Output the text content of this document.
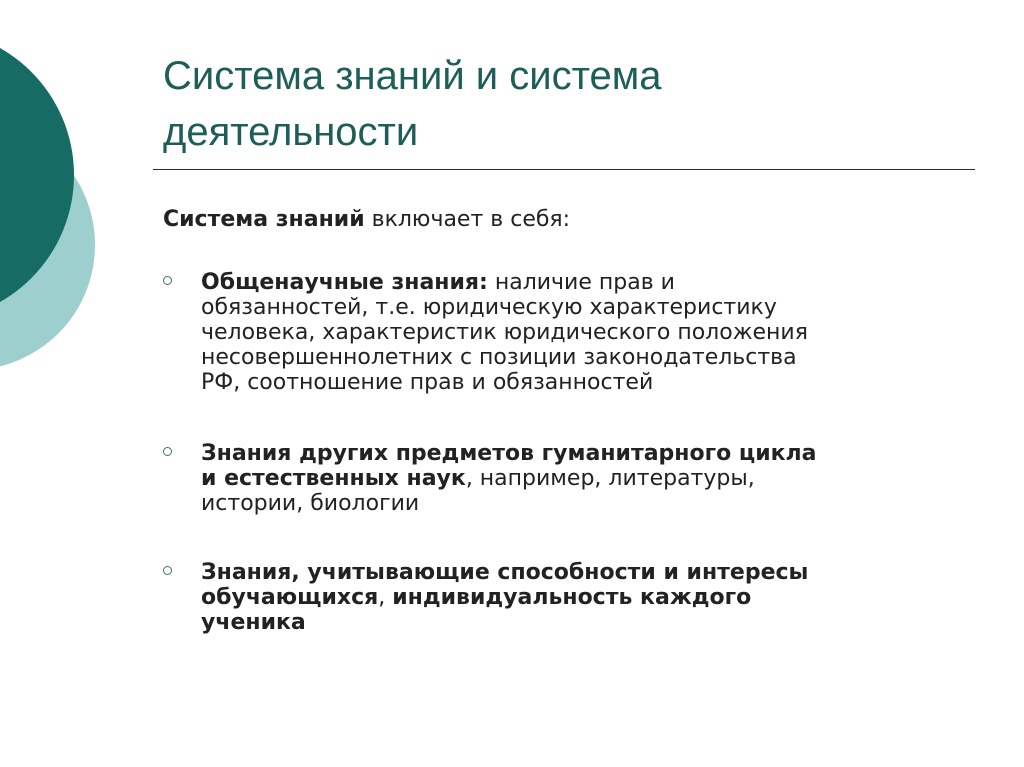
Система знаний и система
деятельности
Система знаний включает в себя:
Общенаучные знания: наличие прав и
обязанностей, т.е. юридическую характеристику
человека, характеристик юридического положения
несовершеннолетних с позиции законодательства
РФ, соотношение прав и обязанностей
Знания других предметов гуманитарного цикла
и естественных наук, например, литературы,
истории, биологии
Знания, учитывающие способности и интересы
обучающихся, индивидуальность каждого
ученика
